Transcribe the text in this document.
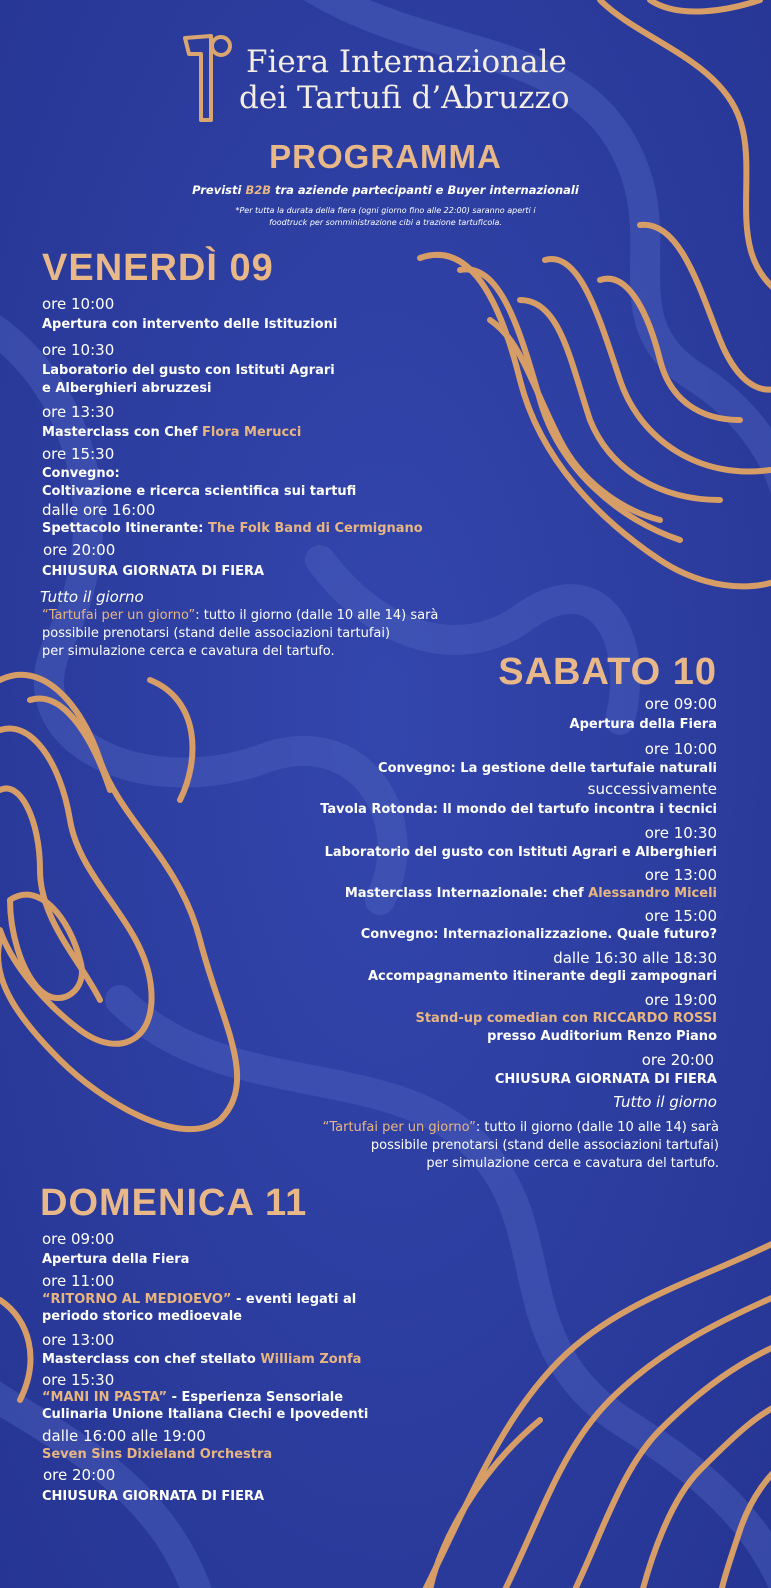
Fiera Internazionale
dei Tartufi d’Abruzzo
PROGRAMMA
Previsti B2B tra aziende partecipanti e Buyer internazionali
*Per tutta la durata della fiera (ogni giorno fino alle 22:00) saranno aperti i
foodtruck per somministrazione cibi a trazione tartuficola.
VENERDÌ 09
ore 10:00
Apertura con intervento delle Istituzioni
ore 10:30
Laboratorio del gusto con Istituti Agrari
e Alberghieri abruzzesi
ore 13:30
Masterclass con Chef Flora Merucci
ore 15:30
Convegno:
Coltivazione e ricerca scientifica sui tartufi
dalle ore 16:00
Spettacolo Itinerante: The Folk Band di Cermignano
ore 20:00
CHIUSURA GIORNATA DI FIERA
Tutto il giorno
“Tartufai per un giorno”: tutto il giorno (dalle 10 alle 14) sarà
possibile prenotarsi (stand delle associazioni tartufai)
per simulazione cerca e cavatura del tartufo.	SABATO 10
ore 09:00
Apertura della Fiera
ore 10:00
Convegno: La gestione delle tartufaie naturali
successivamente
Tavola Rotonda: Il mondo del tartufo incontra i tecnici
ore 10:30
Laboratorio del gusto con Istituti Agrari e Alberghieri
ore 13:00
Masterclass Internazionale: chef Alessandro Miceli
ore 15:00
Convegno: Internazionalizzazione. Quale futuro?
dalle 16:30 alle 18:30
Accompagnamento itinerante degli zampognari
ore 19:00
Stand-up comedian con RICCARDO ROSSI
presso Auditorium Renzo Piano
ore 20:00
CHIUSURA GIORNATA DI FIERA
Tutto il giorno
“Tartufai per un giorno”: tutto il giorno (dalle 10 alle 14) sarà
possibile prenotarsi (stand delle associazioni tartufai)
per simulazione cerca e cavatura del tartufo.
DOMENICA 11
ore 09:00
Apertura della Fiera
ore 11:00
“RITORNO AL MEDIOEVO” - eventi legati al
periodo storico medioevale
ore 13:00
Masterclass con chef stellato William Zonfa
ore 15:30
“MANI IN PASTA” - Esperienza Sensoriale
Culinaria Unione Italiana Ciechi e Ipovedenti
dalle 16:00 alle 19:00
Seven Sins Dixieland Orchestra
ore 20:00
CHIUSURA GIORNATA DI FIERA
